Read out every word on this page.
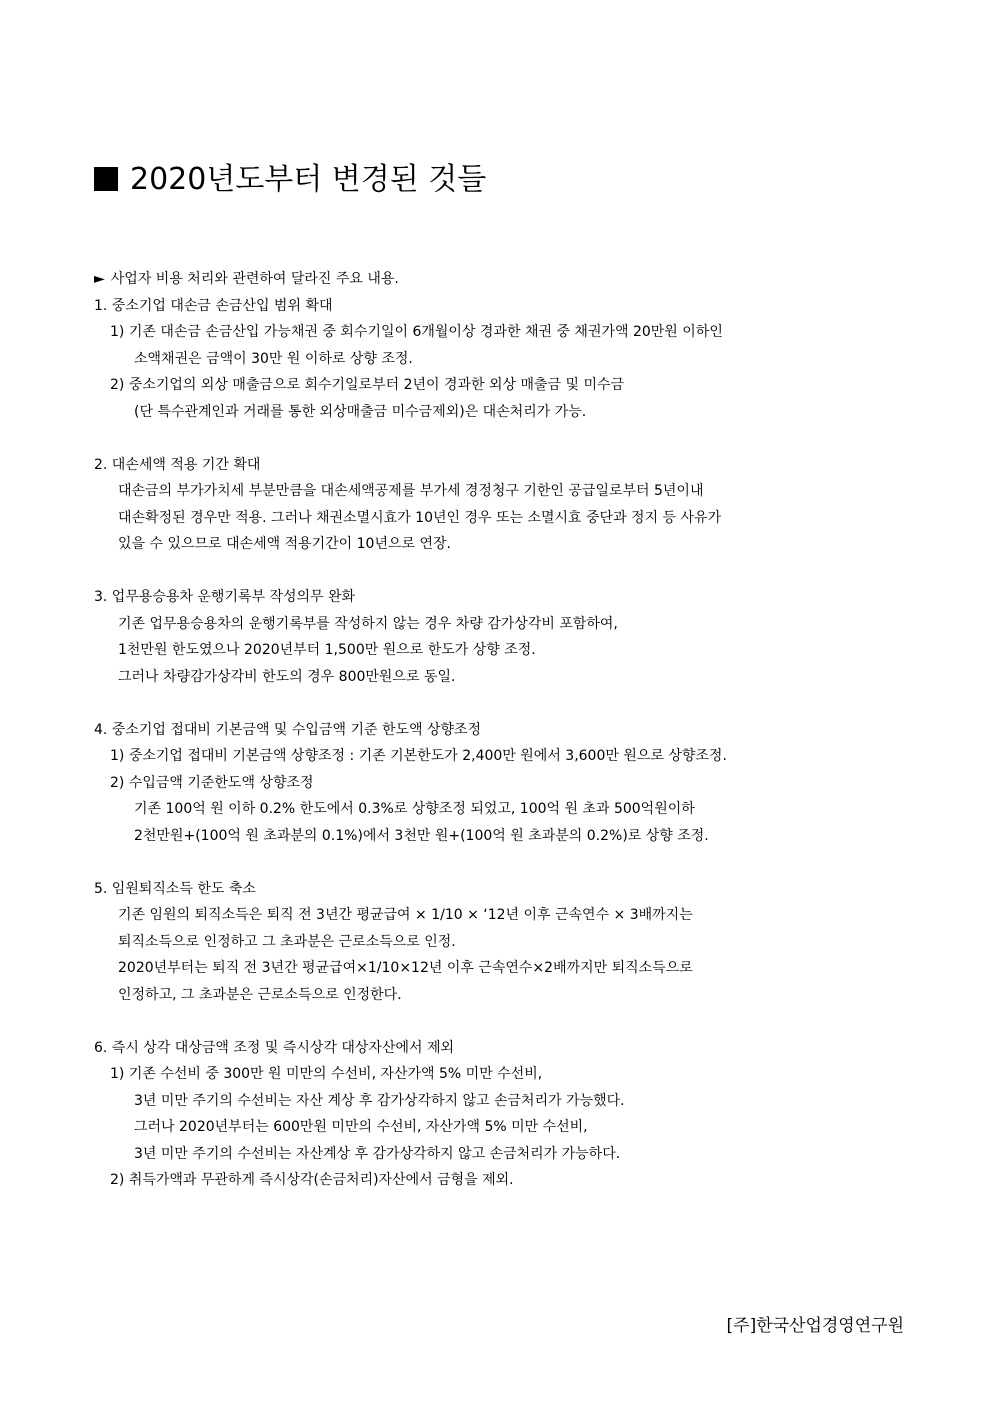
2020년도부터 변경된 것들
► 사업자 비용 처리와 관련하여 달라진 주요 내용.
1. 중소기업 대손금 손금산입 범위 확대
1) 기존 대손금 손금산입 가능채권 중 회수기일이 6개월이상 경과한 채권 중 채권가액 20만원 이하인
소액채권은 금액이 30만 원 이하로 상향 조정.
2) 중소기업의 외상 매출금으로 회수기일로부터 2년이 경과한 외상 매출금 및 미수금
(단 특수관계인과 거래를 통한 외상매출금 미수금제외)은 대손처리가 가능.
2. 대손세액 적용 기간 확대
대손금의 부가가치세 부분만큼을 대손세액공제를 부가세 경정청구 기한인 공급일로부터 5년이내
대손확정된 경우만 적용. 그러나 채권소멸시효가 10년인 경우 또는 소멸시효 중단과 정지 등 사유가
있을 수 있으므로 대손세액 적용기간이 10년으로 연장.
3. 업무용승용차 운행기록부 작성의무 완화
기존 업무용승용차의 운행기록부를 작성하지 않는 경우 차량 감가상각비 포함하여,
1천만원 한도였으나 2020년부터 1,500만 원으로 한도가 상향 조정.
그러나 차량감가상각비 한도의 경우 800만원으로 동일.
4. 중소기업 접대비 기본금액 및 수입금액 기준 한도액 상향조정
1) 중소기업 접대비 기본금액 상향조정 : 기존 기본한도가 2,400만 원에서 3,600만 원으로 상향조정.
2) 수입금액 기준한도액 상향조정
기존 100억 원 이하 0.2% 한도에서 0.3%로 상향조정 되었고, 100억 원 초과 500억원이하
2천만원+(100억 원 초과분의 0.1%)에서 3천만 원+(100억 원 초과분의 0.2%)로 상향 조정.
5. 임원퇴직소득 한도 축소
기존 임원의 퇴직소득은 퇴직 전 3년간 평균급여 × 1/10 × ‘12년 이후 근속연수 × 3배까지는
퇴직소득으로 인정하고 그 초과분은 근로소득으로 인정.
2020년부터는 퇴직 전 3년간 평균급여×1/10×12년 이후 근속연수×2배까지만 퇴직소득으로
인정하고, 그 초과분은 근로소득으로 인정한다.
6. 즉시 상각 대상금액 조정 및 즉시상각 대상자산에서 제외
1) 기존 수선비 중 300만 원 미만의 수선비, 자산가액 5% 미만 수선비,
3년 미만 주기의 수선비는 자산 계상 후 감가상각하지 않고 손금처리가 가능했다.
그러나 2020년부터는 600만원 미만의 수선비, 자산가액 5% 미만 수선비,
3년 미만 주기의 수선비는 자산계상 후 감가상각하지 않고 손금처리가 가능하다.
2) 취득가액과 무관하게 즉시상각(손금처리)자산에서 금형을 제외.
[주]한국산업경영연구원
